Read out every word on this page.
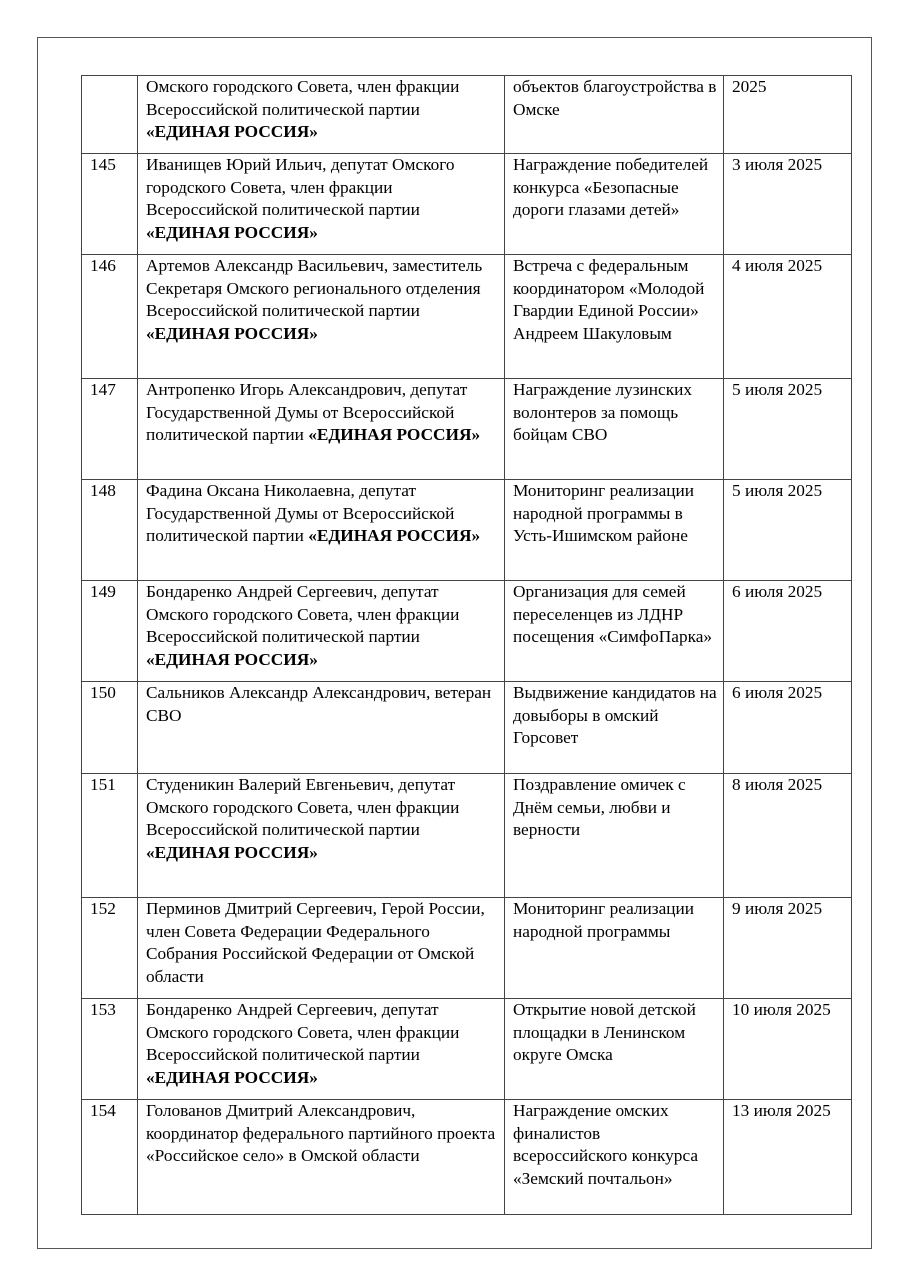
	Омского городского Совета, член фракции Всероссийской политической партии «ЕДИНАЯ РОССИЯ»	объектов благоустройства в Омске	2025
145	Иванищев Юрий Ильич, депутат Омского городского Совета, член фракции Всероссийской политической партии «ЕДИНАЯ РОССИЯ»	Награждение победителей конкурса «Безопасные дороги глазами детей»	3 июля 2025
146	Артемов Александр Васильевич, заместитель Секретаря Омского регионального отделения Всероссийской политической партии «ЕДИНАЯ РОССИЯ»	Встреча с федеральным координатором «Молодой Гвардии Единой России» Андреем Шакуловым	4 июля 2025
147	Антропенко Игорь Александрович, депутат Государственной Думы от Всероссийской политической партии «ЕДИНАЯ РОССИЯ»	Награждение лузинских волонтеров за помощь бойцам СВО	5 июля 2025
148	Фадина Оксана Николаевна, депутат Государственной Думы от Всероссийской политической партии «ЕДИНАЯ РОССИЯ»	Мониторинг реализации народной программы в Усть-Ишимском районе	5 июля 2025
149	Бондаренко Андрей Сергеевич, депутат Омского городского Совета, член фракции Всероссийской политической партии «ЕДИНАЯ РОССИЯ»	Организация для семей переселенцев из ЛДНР посещения «СимфоПарка»	6 июля 2025
150	Сальников Александр Александрович, ветеран СВО	Выдвижение кандидатов на довыборы в омский Горсовет	6 июля 2025
151	Студеникин Валерий Евгеньевич, депутат Омского городского Совета, член фракции Всероссийской политической партии «ЕДИНАЯ РОССИЯ»	Поздравление омичек с Днём семьи, любви и верности	8 июля 2025
152	Перминов Дмитрий Сергеевич, Герой России, член Совета Федерации Федерального Собрания Российской Федерации от Омской области	Мониторинг реализации народной программы	9 июля 2025
153	Бондаренко Андрей Сергеевич, депутат Омского городского Совета, член фракции Всероссийской политической партии «ЕДИНАЯ РОССИЯ»	Открытие новой детской площадки в Ленинском округе Омска	10 июля 2025
154	Голованов Дмитрий Александрович, координатор федерального партийного проекта «Российское село» в Омской области	Награждение омских финалистов всероссийского конкурса «Земский почтальон»	13 июля 2025
